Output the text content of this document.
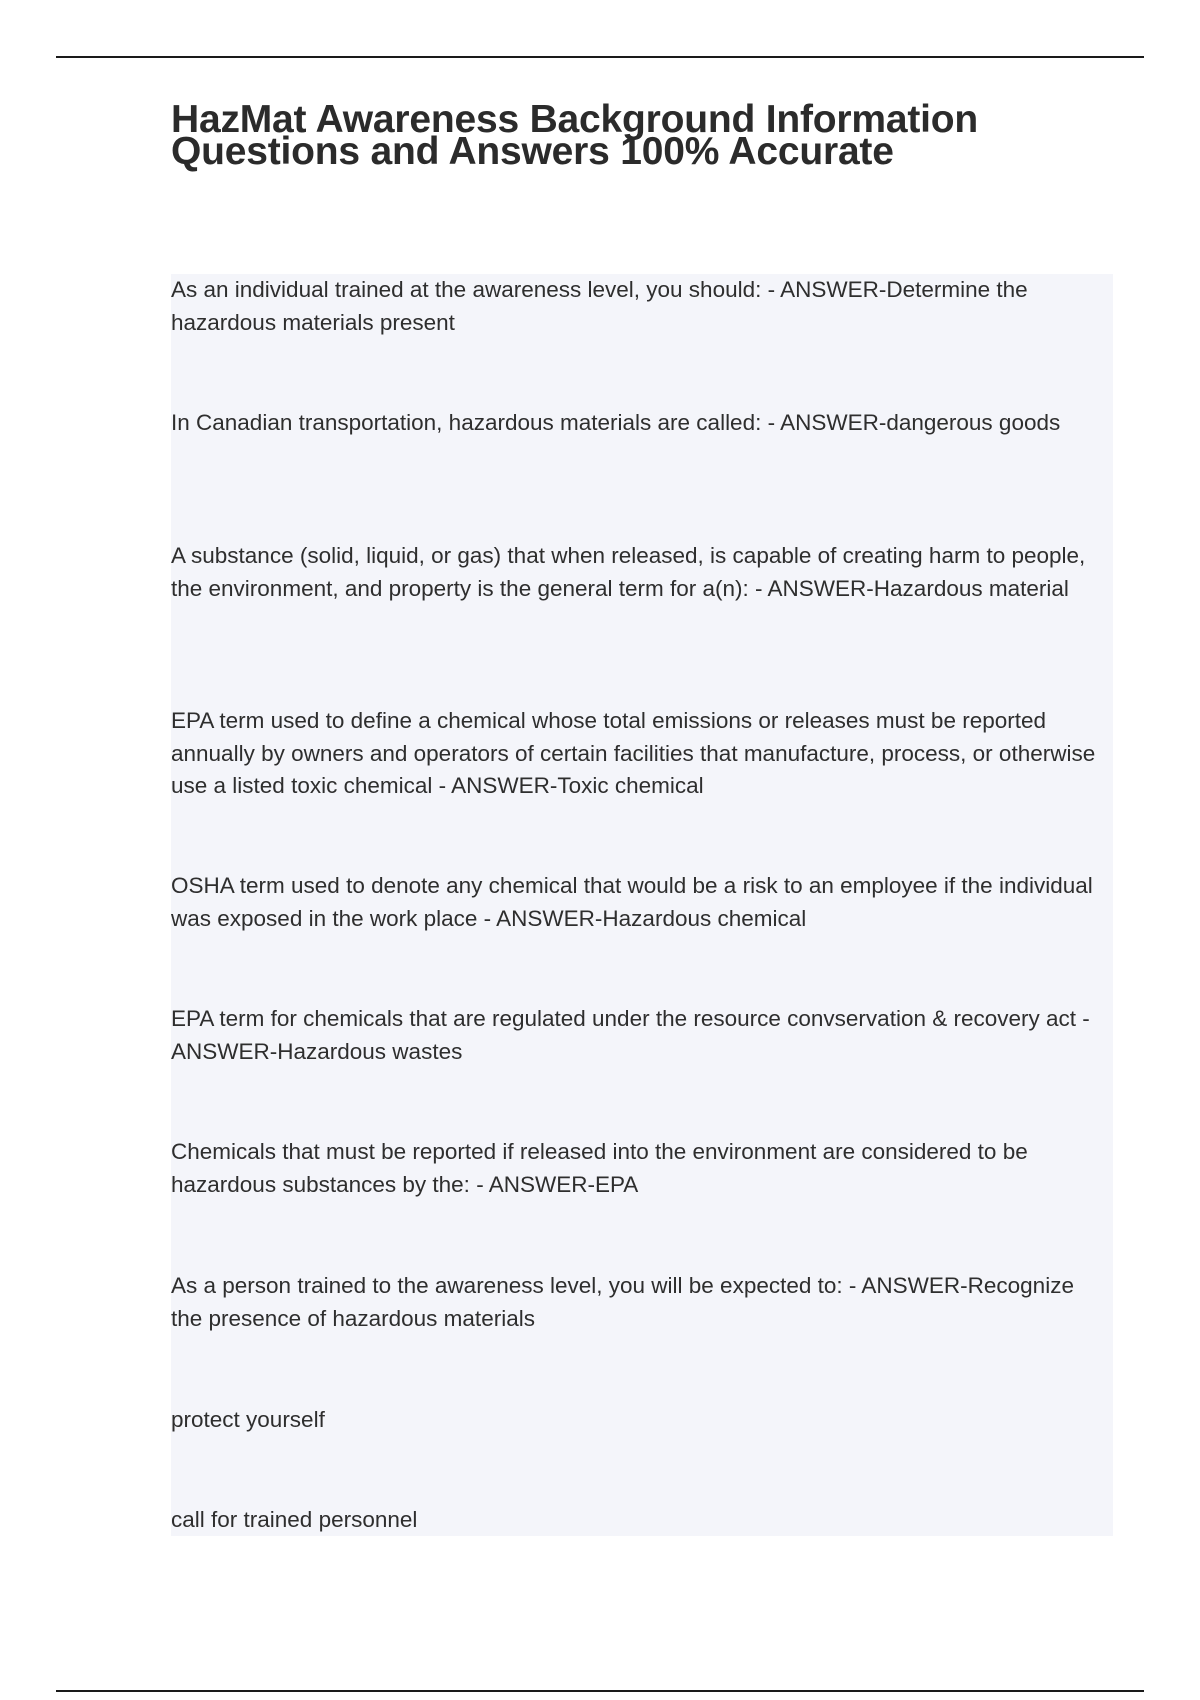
HazMat Awareness Background Information Questions and Answers 100% Accurate
As an individual trained at the awareness level, you should: - ANSWER-Determine the hazardous materials present
In Canadian transportation, hazardous materials are called: - ANSWER-dangerous goods
A substance (solid, liquid, or gas) that when released, is capable of creating harm to people, the environment, and property is the general term for a(n): - ANSWER-Hazardous material
EPA term used to define a chemical whose total emissions or releases must be reported annually by owners and operators of certain facilities that manufacture, process, or otherwise use a listed toxic chemical - ANSWER-Toxic chemical
OSHA term used to denote any chemical that would be a risk to an employee if the individual was exposed in the work place - ANSWER-Hazardous chemical
EPA term for chemicals that are regulated under the resource convservation & recovery act - ANSWER-Hazardous wastes
Chemicals that must be reported if released into the environment are considered to be hazardous substances by the: - ANSWER-EPA
As a person trained to the awareness level, you will be expected to: - ANSWER-Recognize the presence of hazardous materials
protect yourself
call for trained personnel
